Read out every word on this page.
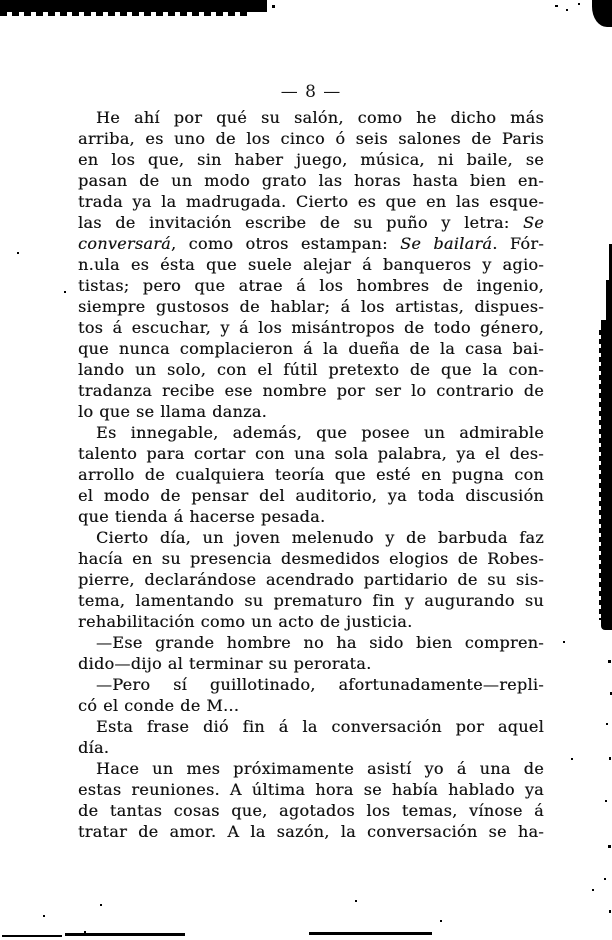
— 8 —
He ahí por qué su salón, como he dicho más
arriba, es uno de los cinco ó seis salones de Paris
en los que, sin haber juego, música, ni baile, se
pasan de un modo grato las horas hasta bien en-
trada ya la madrugada. Cierto es que en las esque-
las de invitación escribe de su puño y letra: Se
conversará, como otros estampan: Se bailará. Fór-
n.ula es ésta que suele alejar á banqueros y agio-
tistas; pero que atrae á los hombres de ingenio,
siempre gustosos de hablar; á los artistas, dispues-
tos á escuchar, y á los misántropos de todo género,
que nunca complacieron á la dueña de la casa bai-
lando un solo, con el fútil pretexto de que la con-
tradanza recibe ese nombre por ser lo contrario de
lo que se llama danza.
Es innegable, además, que posee un admirable
talento para cortar con una sola palabra, ya el des-
arrollo de cualquiera teoría que esté en pugna con
el modo de pensar del auditorio, ya toda discusión
que tienda á hacerse pesada.
Cierto día, un joven melenudo y de barbuda faz
hacía en su presencia desmedidos elogios de Robes-
pierre, declarándose acendrado partidario de su sis-
tema, lamentando su prematuro fin y augurando su
rehabilitación como un acto de justicia.
—Ese grande hombre no ha sido bien compren-
dido—dijo al terminar su perorata.
—Pero sí guillotinado, afortunadamente—repli-
có el conde de M...
Esta frase dió fin á la conversación por aquel
día.
Hace un mes próximamente asistí yo á una de
estas reuniones. A última hora se había hablado ya
de tantas cosas que, agotados los temas, vínose á
tratar de amor. A la sazón, la conversación se ha-
